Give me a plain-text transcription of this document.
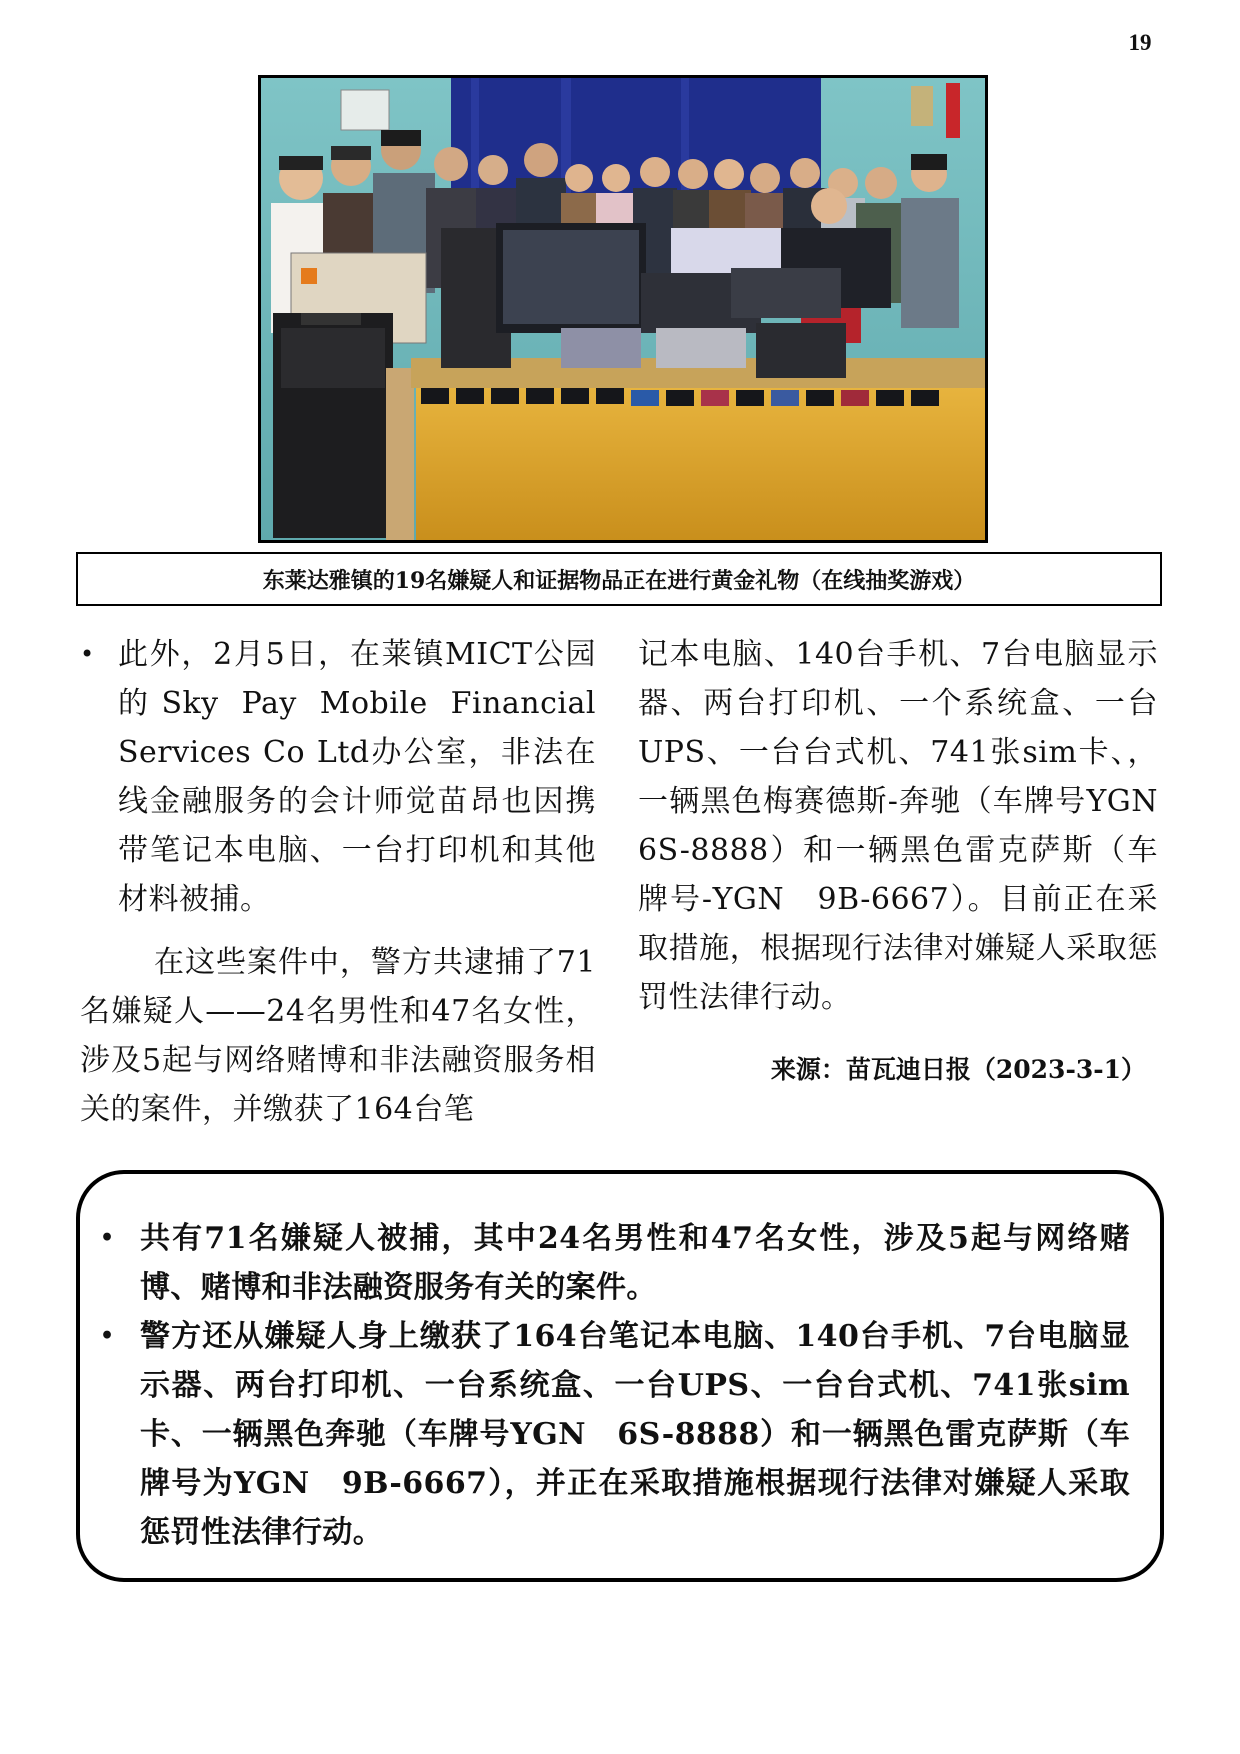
19
东莱达雅镇的19名嫌疑人和证据物品正在进行黄金礼物（在线抽奖游戏）

• 此外，2月5日，在莱镇MICT公园的Sky Pay Mobile Financial Services Co Ltd办公室，非法在线金融服务的会计师觉苗昂也因携带笔记本电脑、一台打印机和其他材料被捕。

在这些案件中，警方共逮捕了71名嫌疑人——24名男性和47名女性，涉及5起与网络赌博和非法融资服务相关的案件，并缴获了164台笔

记本电脑、140台手机、7台电脑显示器、两台打印机、一个系统盒、一台UPS、一台台式机、741张sim卡、，一辆黑色梅赛德斯-奔驰（车牌号YGN 6S-8888）和一辆黑色雷克萨斯（车牌号-YGN　9B-6667）。目前正在采取措施，根据现行法律对嫌疑人采取惩罚性法律行动。

来源：苗瓦迪日报（2023-3-1）

• 共有71名嫌疑人被捕，其中24名男性和47名女性，涉及5起与网络赌博、赌博和非法融资服务有关的案件。

• 警方还从嫌疑人身上缴获了164台笔记本电脑、140台手机、7台电脑显示器、两台打印机、一台系统盒、一台UPS、一台台式机、741张sim卡、一辆黑色奔驰（车牌号YGN　6S-8888）和一辆黑色雷克萨斯（车牌号为YGN　9B-6667），并正在采取措施根据现行法律对嫌疑人采取惩罚性法律行动。
